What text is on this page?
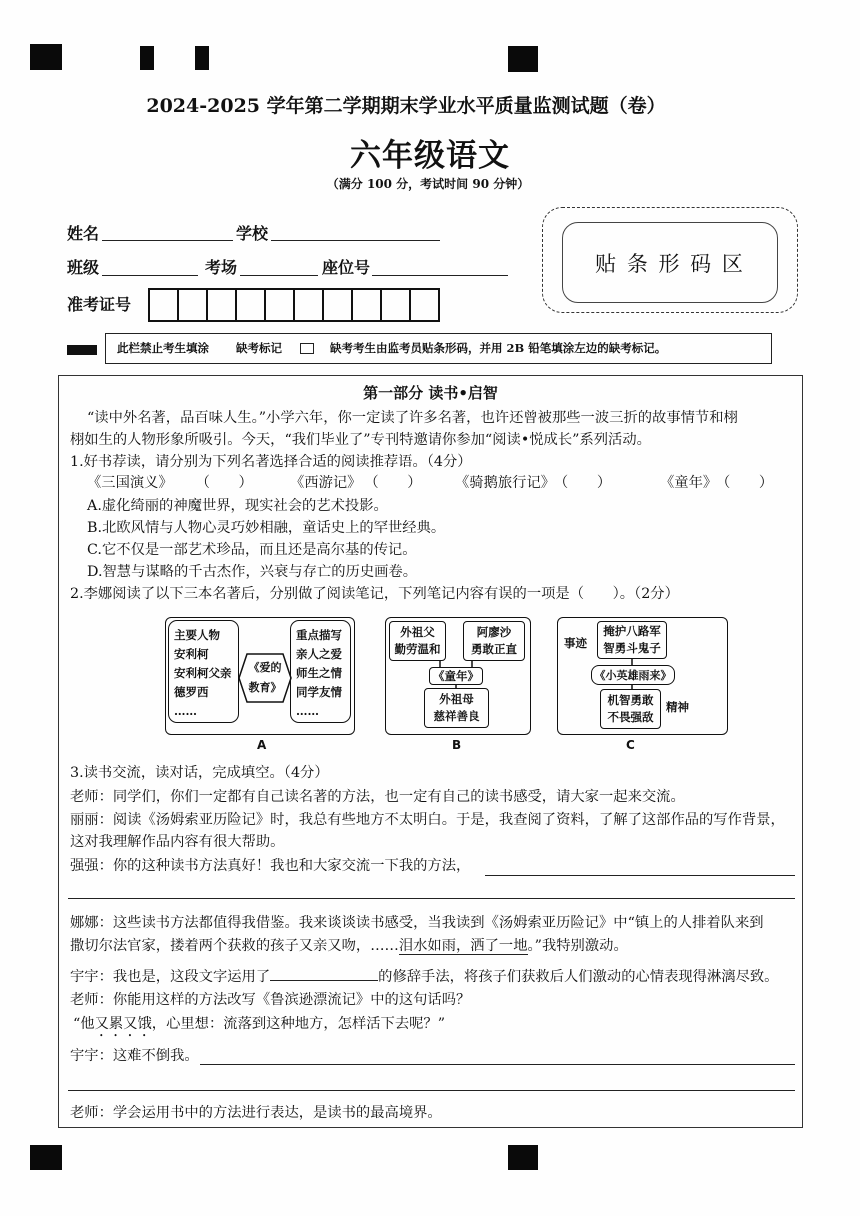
2024-2025 学年第二学期期末学业水平质量监测试题（卷）
六年级语文
（满分 100 分，考试时间 90 分钟）
姓名	学校
班级	考场	座位号
准考证号
贴 条 形 码 区
此栏禁止考生填涂 缺考标记	缺考考生由监考员贴条形码，并用 2B 铅笔填涂左边的缺考标记。
第一部分 读书•启智
“读中外名著，品百味人生。”小学六年，你一定读了许多名著，也许还曾被那些一波三折的故事情节和栩
栩如生的人物形象所吸引。今天，“我们毕业了”专刊特邀请你参加“阅读•悦成长”系列活动。
1.好书荐读，请分别为下列名著选择合适的阅读推荐语。（4分）
《三国演义》 （　　）	《西游记》 （　　） 《骑鹅旅行记》 （　　）	《童年》 （　　）
A.虚化绮丽的神魔世界，现实社会的艺术投影。
B.北欧风情与人物心灵巧妙相融，童话史上的罕世经典。
C.它不仅是一部艺术珍品，而且还是高尔基的传记。
D.智慧与谋略的千古杰作，兴衰与存亡的历史画卷。
2.李娜阅读了以下三本名著后，分别做了阅读笔记，下列笔记内容有误的一项是（　　）。（2分）
主要人物
安利柯
安利柯父亲
德罗西
……
《爱的
教育》
重点描写
亲人之爱
师生之情
同学友情
……
外祖父
勤劳温和
阿廖沙
勇敢正直
《童年》
外祖母
慈祥善良
事迹
掩护八路军
智勇斗鬼子
《小英雄雨来》
机智勇敢
不畏强敌
精神
A	B	C
3.读书交流，读对话，完成填空。（4分）
老师：同学们，你们一定都有自己读名著的方法，也一定有自己的读书感受，请大家一起来交流。
丽丽：阅读《汤姆索亚历险记》时，我总有些地方不太明白。于是，我查阅了资料，了解了这部作品的写作背景，
这对我理解作品内容有很大帮助。
强强：你的这种读书方法真好！我也和大家交流一下我的方法，
娜娜：这些读书方法都值得我借鉴。我来谈谈读书感受，当我读到《汤姆索亚历险记》中“镇上的人排着队来到
撒切尔法官家，搂着两个获救的孩子又亲又吻，……泪水如雨，洒了一地。”我特别激动。
宇宇：我也是，这段文字运用了	的修辞手法，将孩子们获救后人们激动的心情表现得淋漓尽致。
老师：你能用这样的方法改写《鲁滨逊漂流记》中的这句话吗？
“他又累又饿，心里想：流落到这种地方，怎样活下去呢？”
宇宇：这难不倒我。
老师：学会运用书中的方法进行表达，是读书的最高境界。
